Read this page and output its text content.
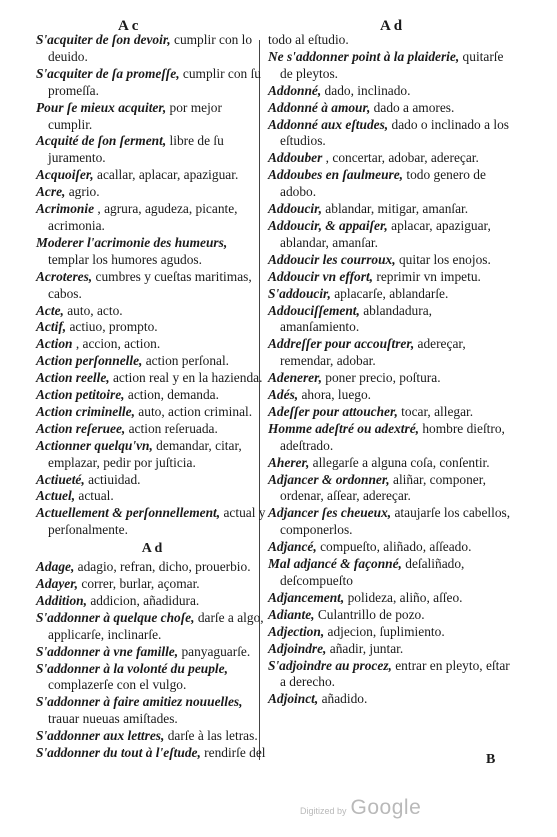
A c	A d

S'acquiter de ſon devoir, cumplir con lo deuido.

S'acquiter de ſa promeſſe, cumplir con ſu promeſſa.

Pour ſe mieux acquiter, por mejor cumplir.

Acquité de ſon ſerment, libre de ſu juramento.

Acquoiſer, acallar, aplacar, apaziguar.

Acre, agrio.

Acrimonie , agrura, agudeza, picante, acrimonia.

Moderer l'acrimonie des humeurs, templar los humores agudos.

Acroteres, cumbres y cueſtas maritimas, cabos.

Acte, auto, acto.

Actif, actiuo, prompto.

Action , accion, action.

Action perſonnelle, action perſonal.

Action reelle, action real y en la hazienda.

Action petitoire, action, demanda.

Action criminelle, auto, action criminal.

Action reſeruee, action reſeruada.

Actionner quelqu'vn, demandar, citar, emplazar, pedir por juſticia.

Actiueté, actiuidad.

Actuel, actual.

Actuellement & perſonnellement, actual y perſonalmente.

A d

Adage, adagio, refran, dicho, prouerbio.

Adayer, correr, burlar, açomar.

Addition, addicion, añadidura.

S'addonner à quelque choſe, darſe a algo, applicarſe, inclinarſe.

S'addonner à vne famille, panyaguarſe.

S'addonner à la volonté du peuple, complazerſe con el vulgo.

S'addonner à faire amitiez nouuelles, trauar nueuas amiſtades.

S'addonner aux lettres, darſe à las letras.

S'addonner du tout à l'eſtude, rendirſe del

todo al eſtudio.

Ne s'addonner point à la plaiderie, quitarſe de pleytos.

Addonné, dado, inclinado.

Addonné à amour, dado a amores.

Addonné aux eſtudes, dado o inclinado a los eſtudios.

Addouber , concertar, adobar, adereçar.

Addoubes en ſaulmeure, todo genero de adobo.

Addoucir, ablandar, mitigar, amanſar.

Addoucir, & appaiſer, aplacar, apaziguar, ablandar, amanſar.

Addoucir les courroux, quitar los enojos.

Addoucir vn effort, reprimir vn impetu.

S'addoucir, aplacarſe, ablandarſe.

Addouciſſement, ablandadura, amanſamiento.

Addreſſer pour accouſtrer, adereçar, remendar, adobar.

Adenerer, poner precio, poſtura.

Adés, ahora, luego.

Adeſſer pour attoucher, tocar, allegar.

Homme adeſtré ou adextré, hombre dieſtro, adeſtrado.

Aherer, allegarſe a alguna coſa, conſentir.

Adjancer & ordonner, aliñar, componer, ordenar, aſſear, adereçar.

Adjancer ſes cheueux, ataujarſe los cabellos, componerlos.

Adjancé, compueſto, aliñado, aſſeado.

Mal adjancé & façonné, deſaliñado, deſcompueſto

Adjancement, polideza, aliño, aſſeo.

Adiante, Culantrillo de pozo.

Adjection, adjecion, ſuplimiento.

Adjoindre, añadir, juntar.

S'adjoindre au procez, entrar en pleyto, eſtar a derecho.

Adjoinct, añadido.

B
Digitized by Google
